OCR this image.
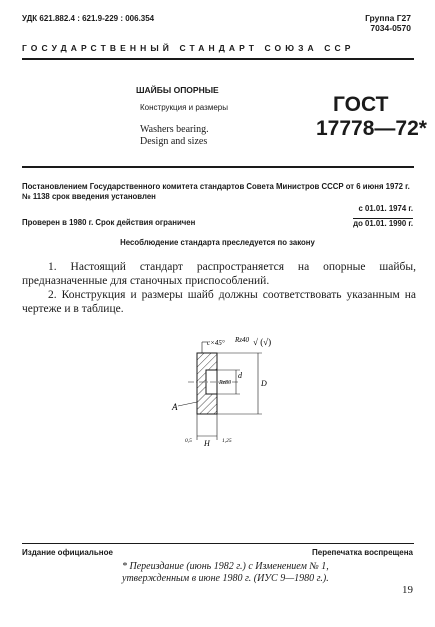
УДК 621.882.4 : 621.9-229 : 006.354	Группа Г27
7034-0570
ГОСУДАРСТВЕННЫЙ СТАНДАРТ СОЮЗА ССР
ШАЙБЫ ОПОРНЫЕ
Конструкция и размеры
Washers bearing.
Design and sizes
ГОСТ
17778—72*
Постановлением Государственного комитета стандартов Совета Министров СССР от 6 июня 1972 г. № 1138 срок введения установлен
с 01.01. 1974 г.
Проверен в 1980 г. Срок действия ограничен	до 01.01. 1990 г.
Несоблюдение стандарта преследуется по закону
1. Настоящий стандарт распространяется на опорные шайбы, предназначенные для станочных приспособлений.
2. Конструкция и размеры шайб должны соответствовать указанным на чертеже и в таблице.
c×45° Rz40 √ (√)
Rz80
d
D
H
A
0,5	1,25
Издание официальное	Перепечатка воспрещена
* Переиздание (июнь 1982 г.) с Изменением № 1,
утвержденным в июне 1980 г. (ИУС 9—1980 г.).
19
